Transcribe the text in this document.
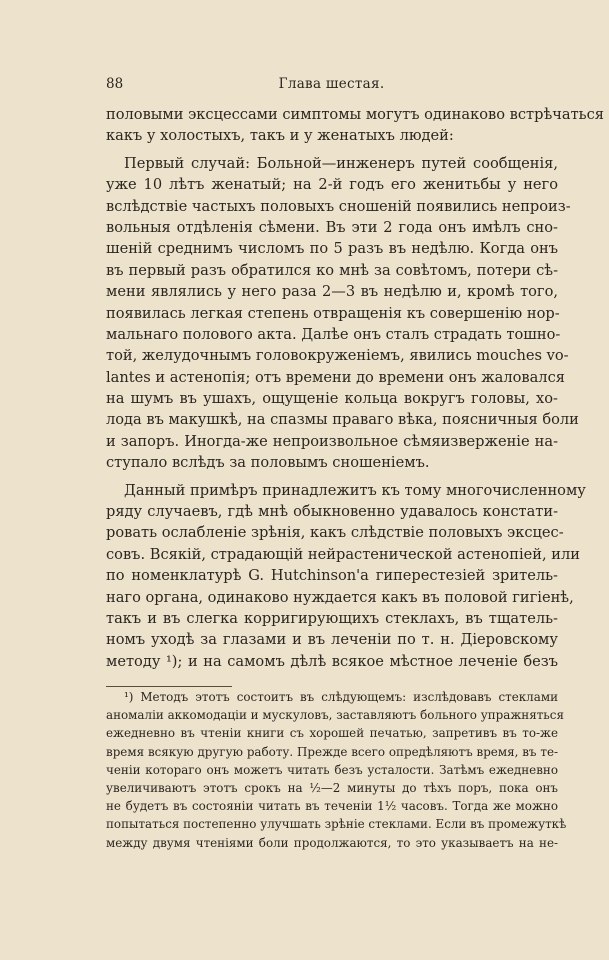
88	Глава шестая.
половыми эксцессами симптомы могутъ одинаково встрѣчаться
какъ у холостыхъ, такъ и у женатыхъ людей:
Первый случай: Больной—инженеръ путей сообщенія,
уже 10 лѣтъ женатый; на 2-й годъ его женитьбы у него
вслѣдствіе частыхъ половыхъ сношеній появились непроиз-
вольныя отдѣленія сѣмени. Въ эти 2 года онъ имѣлъ сно-
шеній среднимъ числомъ по 5 разъ въ недѣлю. Когда онъ
въ первый разъ обратился ко мнѣ за совѣтомъ, потери сѣ-
мени являлись у него раза 2—3 въ недѣлю и, кромѣ того,
появилась легкая степень отвращенія къ совершенію нор-
мальнаго полового акта. Далѣе онъ сталъ страдать тошно-
той, желудочнымъ головокруженіемъ, явились mouches vo-
lantes и астенопія; отъ времени до времени онъ жаловался
на шумъ въ ушахъ, ощущеніе кольца вокругъ головы, хо-
лода въ макушкѣ, на спазмы праваго вѣка, поясничныя боли
и запоръ. Иногда-же непроизвольное сѣмяизверженіе на-
ступало вслѣдъ за половымъ сношеніемъ.
Данный примѣръ принадлежитъ къ тому многочисленному
ряду случаевъ, гдѣ мнѣ обыкновенно удавалось констати-
ровать ослабленіе зрѣнія, какъ слѣдствіе половыхъ эксцес-
совъ. Всякій, страдающій нейрастенической астенопіей, или
по номенклатурѣ G. Hutchinson'a гиперестезіей зритель-
наго органа, одинаково нуждается какъ въ половой гигіенѣ,
такъ и въ слегка корригирующихъ стеклахъ, въ тщатель-
номъ уходѣ за глазами и въ леченіи по т. н. Діеровскому
методу ¹); и на самомъ дѣлѣ всякое мѣстное леченіе безъ
¹) Методъ этотъ состоитъ въ слѣдующемъ: изслѣдовавъ стеклами
аномаліи аккомодаціи и мускуловъ, заставляютъ больного упражняться
ежедневно въ чтеніи книги съ хорошей печатью, запретивъ въ то-же
время всякую другую работу. Прежде всего опредѣляютъ время, въ те-
ченіи котораго онъ можетъ читать безъ усталости. Затѣмъ ежедневно
увеличиваютъ этотъ срокъ на ½—2 минуты до тѣхъ поръ, пока онъ
не будетъ въ состояніи читать въ теченіи 1½ часовъ. Тогда же можно
попытаться постепенно улучшать зрѣніе стеклами. Если въ промежуткѣ
между двумя чтеніями боли продолжаются, то это указываетъ на не-
